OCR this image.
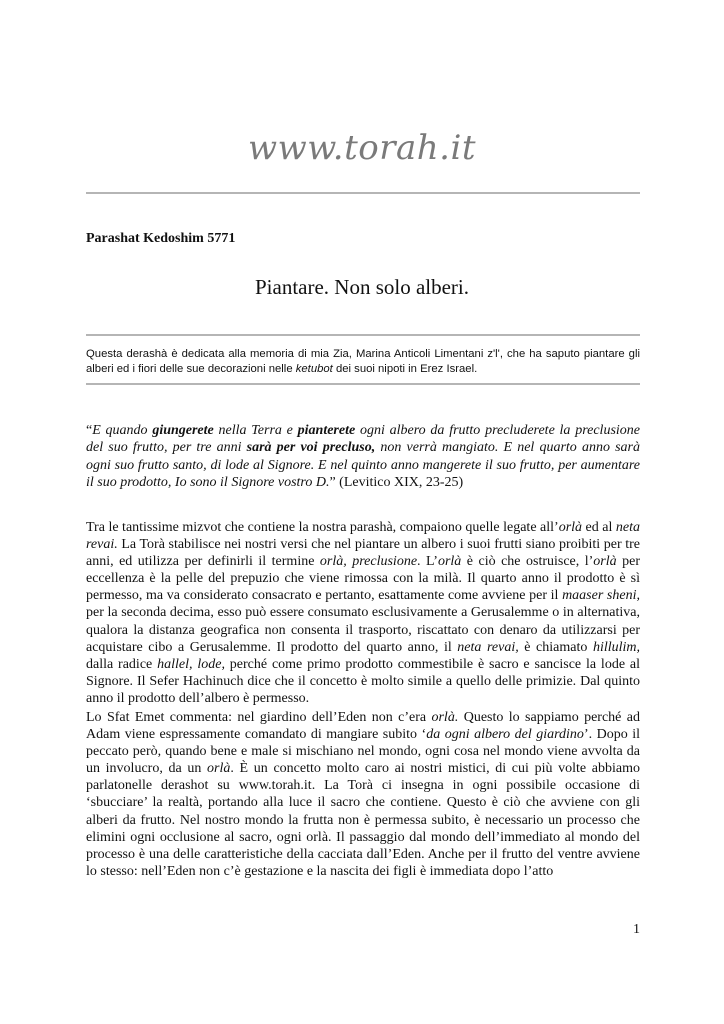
www.torah.it
Parashat Kedoshim 5771
Piantare. Non solo alberi.
Questa derashà è dedicata alla memoria di mia Zia, Marina Anticoli Limentani z'l', che ha saputo piantare gli alberi ed i fiori delle sue decorazioni nelle ketubot dei suoi nipoti in Erez Israel.
“E quando giungerete nella Terra e pianterete ogni albero da frutto precluderete la preclusione del suo frutto, per tre anni sarà per voi precluso, non verrà mangiato. E nel quarto anno sarà ogni suo frutto santo, di lode al Signore. E nel quinto anno mangerete il suo frutto, per aumentare il suo prodotto, Io sono il Signore vostro D.” (Levitico XIX, 23-25)
Tra le tantissime mizvot che contiene la nostra parashà, compaiono quelle legate all’orlà ed al neta revai. La Torà stabilisce nei nostri versi che nel piantare un albero i suoi frutti siano proibiti per tre anni, ed utilizza per definirli il termine orlà, preclusione. L’orlà è ciò che ostruisce, l’orlà per eccellenza è la pelle del prepuzio che viene rimossa con la milà. Il quarto anno il prodotto è sì permesso, ma va considerato consacrato e pertanto, esattamente come avviene per il maaser sheni, per la seconda decima, esso può essere consumato esclusivamente a Gerusalemme o in alternativa, qualora la distanza geografica non consenta il trasporto, riscattato con denaro da utilizzarsi per acquistare cibo a Gerusalemme. Il prodotto del quarto anno, il neta revai, è chiamato hillulim, dalla radice hallel, lode, perché come primo prodotto commestibile è sacro e sancisce la lode al Signore. Il Sefer Hachinuch dice che il concetto è molto simile a quello delle primizie. Dal quinto anno il prodotto dell’albero è permesso.
Lo Sfat Emet commenta: nel giardino dell’Eden non c’era orlà. Questo lo sappiamo perché ad Adam viene espressamente comandato di mangiare subito ‘da ogni albero del giardino’. Dopo il peccato però, quando bene e male si mischiano nel mondo, ogni cosa nel mondo viene avvolta da un involucro, da un orlà. È un concetto molto caro ai nostri mistici, di cui più volte abbiamo parlatonelle derashot su www.torah.it. La Torà ci insegna in ogni possibile occasione di ‘sbucciare’ la realtà, portando alla luce il sacro che contiene. Questo è ciò che avviene con gli alberi da frutto. Nel nostro mondo la frutta non è permessa subito, è necessario un processo che elimini ogni occlusione al sacro, ogni orlà. Il passaggio dal mondo dell’immediato al mondo del processo è una delle caratteristiche della cacciata dall’Eden. Anche per il frutto del ventre avviene lo stesso: nell’Eden non c’è gestazione e la nascita dei figli è immediata dopo l’atto
1
